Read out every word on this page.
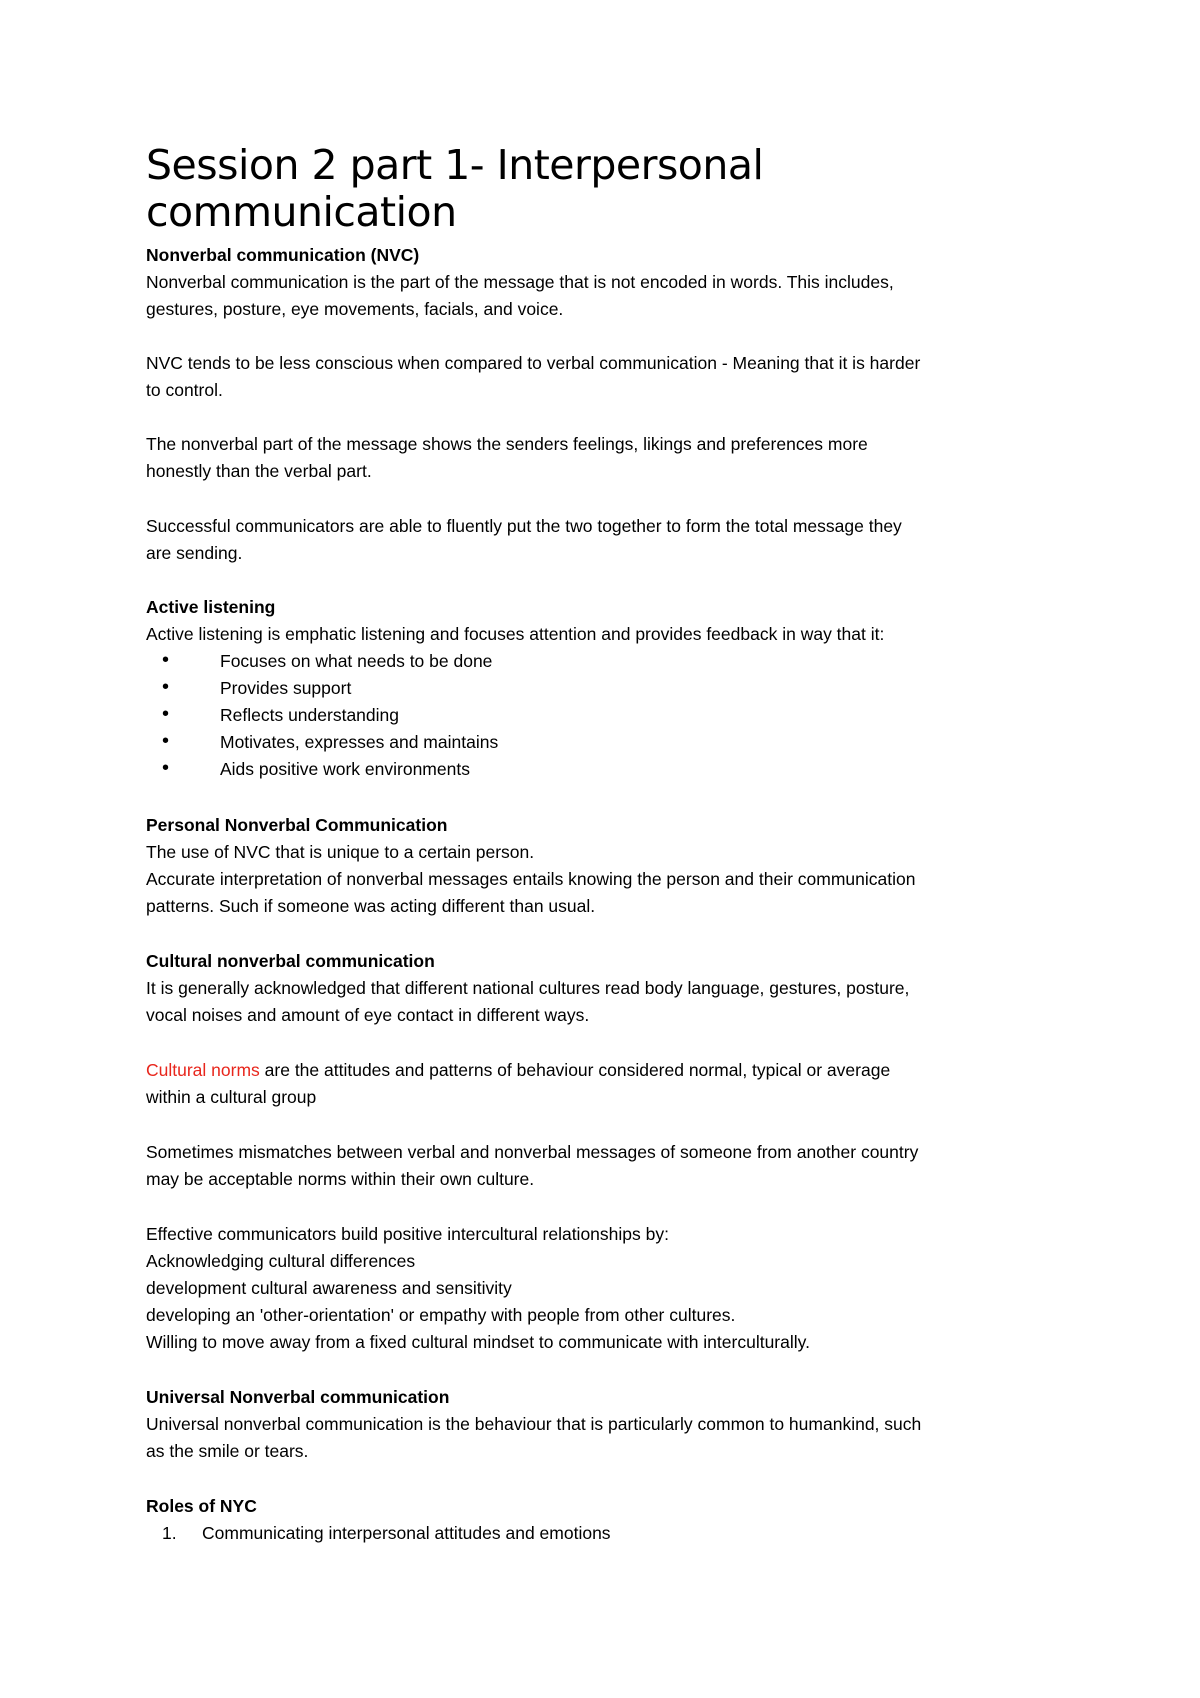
Session 2 part 1- Interpersonal communication
Nonverbal communication (NVC)
Nonverbal communication is the part of the message that is not encoded in words. This includes,
gestures, posture, eye movements, facials, and voice.
NVC tends to be less conscious when compared to verbal communication - Meaning that it is harder
to control.
The nonverbal part of the message shows the senders feelings, likings and preferences more
honestly than the verbal part.
Successful communicators are able to fluently put the two together to form the total message they
are sending.
Active listening
Active listening is emphatic listening and focuses attention and provides feedback in way that it:
•	Focuses on what needs to be done
•	Provides support
•	Reflects understanding
•	Motivates, expresses and maintains
•	Aids positive work environments
Personal Nonverbal Communication
The use of NVC that is unique to a certain person.
Accurate interpretation of nonverbal messages entails knowing the person and their communication
patterns. Such if someone was acting different than usual.
Cultural nonverbal communication
It is generally acknowledged that different national cultures read body language, gestures, posture,
vocal noises and amount of eye contact in different ways.
Cultural norms are the attitudes and patterns of behaviour considered normal, typical or average
within a cultural group
Sometimes mismatches between verbal and nonverbal messages of someone from another country
may be acceptable norms within their own culture.
Effective communicators build positive intercultural relationships by:
Acknowledging cultural differences
development cultural awareness and sensitivity
developing an 'other-orientation' or empathy with people from other cultures.
Willing to move away from a fixed cultural mindset to communicate with interculturally.
Universal Nonverbal communication
Universal nonverbal communication is the behaviour that is particularly common to humankind, such
as the smile or tears.
Roles of NYC
1. Communicating interpersonal attitudes and emotions
